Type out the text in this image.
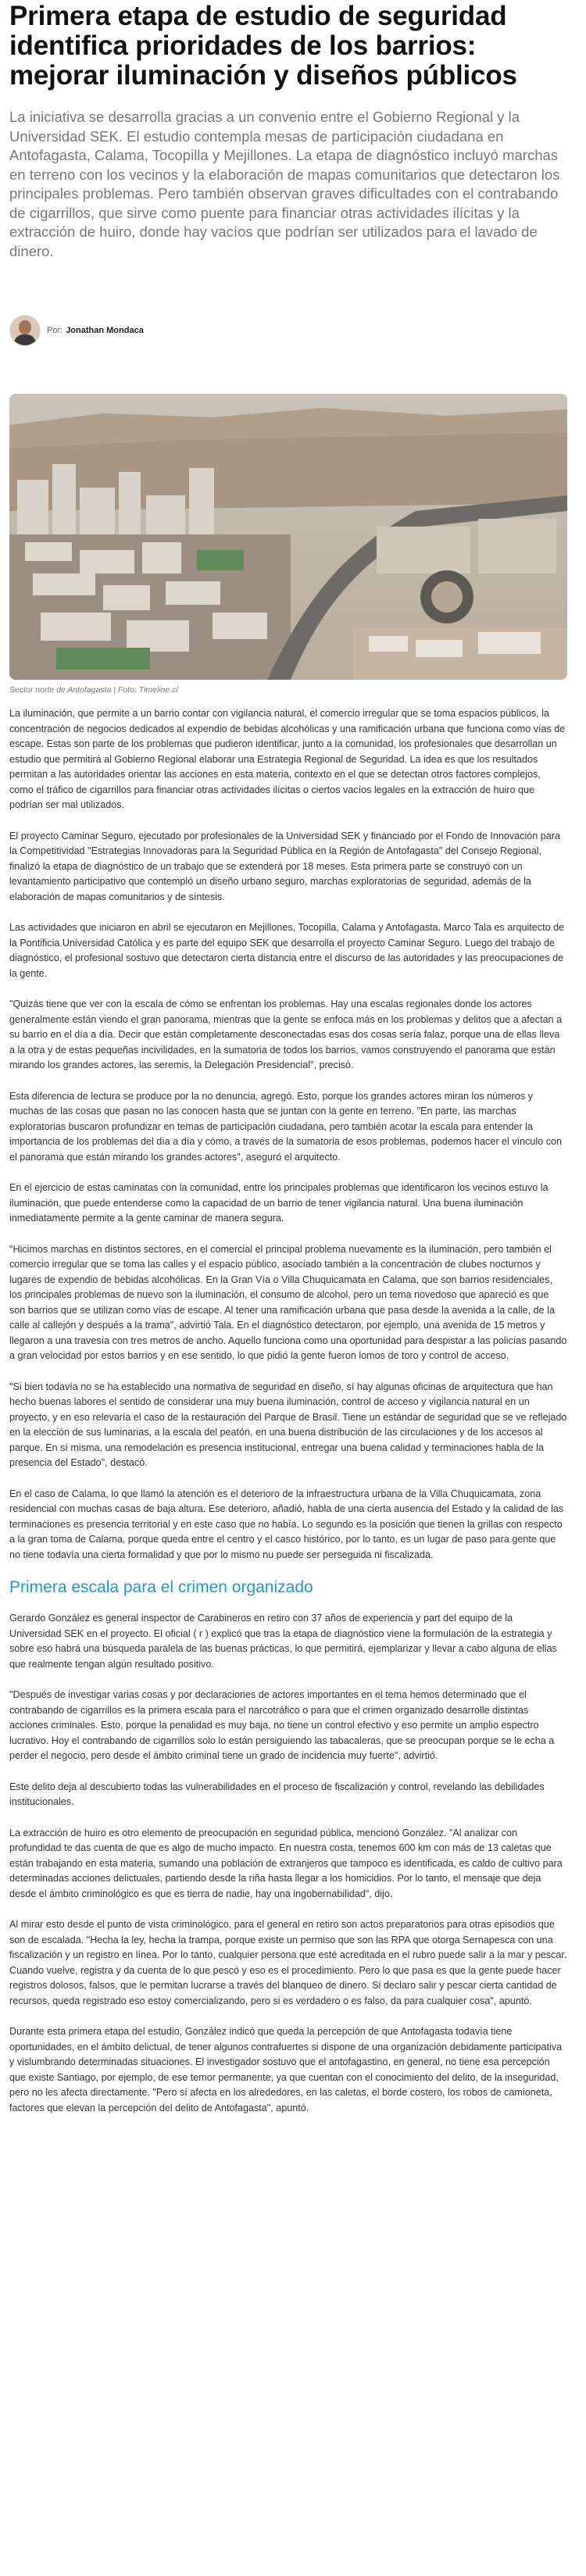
Primera etapa de estudio de seguridad identifica prioridades de los barrios: mejorar iluminación y diseños públicos

La iniciativa se desarrolla gracias a un convenio entre el Gobierno Regional y la Universidad SEK. El estudio contempla mesas de participación ciudadana en Antofagasta, Calama, Tocopilla y Mejillones. La etapa de diagnóstico incluyó marchas en terreno con los vecinos y la elaboración de mapas comunitarios que detectaron los principales problemas. Pero también observan graves dificultades con el contrabando de cigarrillos, que sirve como puente para financiar otras actividades ilícitas y la extracción de huiro, donde hay vacíos que podrían ser utilizados para el lavado de dinero.

Por: Jonathan Mondaca
Sector norte de Antofagasta | Foto: Timeline.cl

La iluminación, que permite a un barrio contar con vigilancia natural, el comercio irregular que se toma espacios públicos, la concentración de negocios dedicados al expendio de bebidas alcohólicas y una ramificación urbana que funciona como vías de escape. Estas son parte de los problemas que pudieron identificar, junto a la comunidad, los profesionales que desarrollan un estudio que permitirá al Gobierno Regional elaborar una Estrategia Regional de Seguridad. La idea es que los resultados permitan a las autoridades orientar las acciones en esta materia, contexto en el que se detectan otros factores complejos, como el tráfico de cigarrillos para financiar otras actividades ilícitas o ciertos vacíos legales en la extracción de huiro que podrían ser mal utilizados.

El proyecto Caminar Seguro, ejecutado por profesionales de la Universidad SEK y financiado por el Fondo de Innovación para la Competitividad "Estrategias Innovadoras para la Seguridad Pública en la Región de Antofagasta" del Consejo Regional, finalizó la etapa de diagnóstico de un trabajo que se extenderá por 18 meses. Esta primera parte se construyó con un levantamiento participativo que contempló un diseño urbano seguro, marchas exploratorias de seguridad, además de la elaboración de mapas comunitarios y de síntesis.

Las actividades que iniciaron en abril se ejecutaron en Mejillones, Tocopilla, Calama y Antofagasta. Marco Tala es arquitecto de la Pontificia Universidad Católica y es parte del equipo SEK que desarrolla el proyecto Caminar Seguro. Luego del trabajo de diagnóstico, el profesional sostuvo que detectaron cierta distancia entre el discurso de las autoridades y las preocupaciones de la gente.

"Quizás tiene que ver con la escala de cómo se enfrentan los problemas. Hay una escalas regionales donde los actores generalmente están viendo el gran panorama, mientras que la gente se enfoca más en los problemas y delitos que a afectan a su barrio en el día a día. Decir que están completamente desconectadas esas dos cosas sería falaz, porque una de ellas lleva a la otra y de estas pequeñas incivilidades, en la sumatoria de todos los barrios, vamos construyendo el panorama que están mirando los grandes actores, las seremis, la Delegación Presidencial", precisó.

Esta diferencia de lectura se produce por la no denuncia, agregó. Esto, porque los grandes actores miran los números y muchas de las cosas que pasan no las conocen hasta que se juntan con la gente en terreno. "En parte, las marchas exploratorias buscaron profundizar en temas de participación ciudadana, pero también acotar la escala para entender la importancia de los problemas del día a día y cómo, a través de la sumatoria de esos problemas, podemos hacer el vínculo con el panorama que están mirando los grandes actores", aseguró el arquitecto.

En el ejercicio de estas caminatas con la comunidad, entre los principales problemas que identificaron los vecinos estuvo la iluminación, que puede entenderse como la capacidad de un barrio de tener vigilancia natural. Una buena iluminación inmediatamente permite a la gente caminar de manera segura.

"Hicimos marchas en distintos sectores, en el comercial el principal problema nuevamente es la iluminación, pero también el comercio irregular que se toma las calles y el espacio público, asociado también a la concentración de clubes nocturnos y lugares de expendio de bebidas alcohólicas. En la Gran Vía o Villa Chuquicamata en Calama, que son barrios residenciales, los principales problemas de nuevo son la iluminación, el consumo de alcohol, pero un tema novedoso que apareció es que son barrios que se utilizan como vías de escape. Al tener una ramificación urbana que pasa desde la avenida a la calle, de la calle al callejón y después a la trama", advirtió Tala. En el diagnóstico detectaron, por ejemplo, una avenida de 15 metros y llegaron a una travesía con tres metros de ancho. Aquello funciona como una oportunidad para despistar a las policías pasando a gran velocidad por estos barrios y en ese sentido, lo que pidió la gente fueron lomos de toro y control de acceso.

"Si bien todavía no se ha establecido una normativa de seguridad en diseño, sí hay algunas oficinas de arquitectura que han hecho buenas labores el sentido de considerar una muy buena iluminación, control de acceso y vigilancia natural en un proyecto, y en eso relevaría el caso de la restauración del Parque de Brasil. Tiene un estándar de seguridad que se ve reflejado en la elección de sus luminarias, a la escala del peatón, en una buena distribución de las circulaciones y de los accesos al parque. En sí misma, una remodelación es presencia institucional, entregar una buena calidad y terminaciones habla de la presencia del Estado", destacó.

En el caso de Calama, lo que llamó la atención es el deterioro de la infraestructura urbana de la Villa Chuquicamata, zona residencial con muchas casas de baja altura. Ese deterioro, añadió, habla de una cierta ausencia del Estado y la calidad de las terminaciones es presencia territorial y en este caso que no había. Lo segundo es la posición que tienen la grillas con respecto a la gran toma de Calama, porque queda entre el centro y el casco histórico, por lo tanto, es un lugar de paso para gente que no tiene todavía una cierta formalidad y que por lo mismo nu puede ser perseguida ni fiscalizada.

Primera escala para el crimen organizado

Gerardo González es general inspector de Carabineros en retiro con 37 años de experiencia y part del equipo de la Universidad SEK en el proyecto. El oficial ( r ) explicó que tras la etapa de diagnóstico viene la formulación de la estrategia y sobre eso habrá una búsqueda paralela de las buenas prácticas, lo que permitirá, ejemplarizar y llevar a cabo alguna de ellas que realmente tengan algún resultado positivo.

"Después de investigar varias cosas y por declaraciones de actores importantes en el tema hemos determinado que el contrabando de cigarrillos es la primera escala para el narcotráfico o para que el crimen organizado desarrolle distintas acciones criminales. Esto, porque la penalidad es muy baja, no tiene un control efectivo y eso permite un amplio espectro lucrativo. Hoy el contrabando de cigarrillos solo lo están persiguiendo las tabacaleras, que se preocupan porque se le echa a perder el negocio, pero desde el ámbito criminal tiene un grado de incidencia muy fuerte", advirtió.

Este delito deja al descubierto todas las vulnerabilidades en el proceso de fiscalización y control, revelando las debilidades institucionales.

La extracción de huiro es otro elemento de preocupación en seguridad pública, mencionó González. "Al analizar con profundidad te das cuenta de que es algo de mucho impacto. En nuestra costa, tenemos 600 km con más de 13 caletas que están trabajando en esta materia, sumando una población de extranjeros que tampoco es identificada, es caldo de cultivo para determinadas acciones delictuales, partiendo desde la riña hasta llegar a los homicidios. Por lo tanto, el mensaje que deja desde el ámbito criminológico es que es tierra de nadie, hay una ingobernabilidad", dijo.

Al mirar esto desde el punto de vista criminológico, para el general en retiro son actos preparatorios para otras episodios que son de escalada. "Hecha la ley, hecha la trampa, porque existe un permiso que son las RPA que otorga Sernapesca con una fiscalización y un registro en línea. Por lo tanto, cualquier persona que esté acreditada en el rubro puede salir a la mar y pescar. Cuando vuelve, registra y da cuenta de lo que pescó y eso es el procedimiento. Pero lo que pasa es que la gente puede hacer registros dolosos, falsos, que le permitan lucrarse a través del blanqueo de dinero. Si declaro salir y pescar cierta cantidad de recursos, queda registrado eso estoy comercializando, pero si es verdadero o es falso, da para cualquier cosa", apuntó.

Durante esta primera etapa del estudio, González indicó que queda la percepción de que Antofagasta todavía tiene oportunidades, en el ámbito delictual, de tener algunos contrafuertes si dispone de una organización debidamente participativa y vislumbrando determinadas situaciones. El investigador sostuvo que el antofagastino, en general, no tiene esa percepción que existe Santiago, por ejemplo, de ese temor permanente, ya que cuentan con el conocimiento del delito, de la inseguridad, pero no les afecta directamente. "Pero sí afecta en los alrededores, en las caletas, el borde costero, los robos de camioneta, factores que elevan la percepción del delito de Antofagasta", apuntó.
